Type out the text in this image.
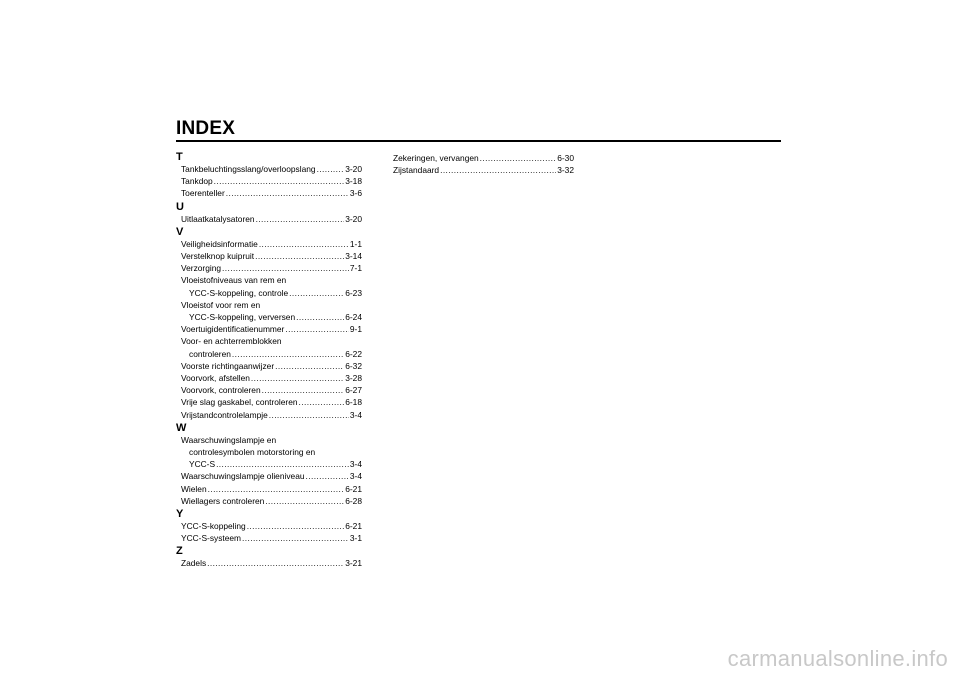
INDEX
T
Tankbeluchtingsslang/overloopslang .....	3-20
Tankdop .....	3-18
Toerenteller .....	3-6
U
Uitlaatkatalysatoren .....	3-20
V
Veiligheidsinformatie .....	1-1
Verstelknop kuipruit .....	3-14
Verzorging .....	7-1
Vloeistofniveaus van rem en
YCC-S-koppeling, controle .....	6-23
Vloeistof voor rem en
YCC-S-koppeling, verversen .....	6-24
Voertuigidentificatienummer .....	9-1
Voor- en achterremblokken
controleren .....	6-22
Voorste richtingaanwijzer .....	6-32
Voorvork, afstellen .....	3-28
Voorvork, controleren .....	6-27
Vrije slag gaskabel, controleren .....	6-18
Vrijstandcontrolelampje .....	3-4
W
Waarschuwingslampje en
controlesymbolen motorstoring en
YCC-S .....	3-4
Waarschuwingslampje olieniveau .....	3-4
Wielen .....	6-21
Wiellagers controleren .....	6-28
Y
YCC-S-koppeling .....	6-21
YCC-S-systeem .....	3-1
Z
Zadels .....	3-21
Zekeringen, vervangen .....	6-30
Zijstandaard .....	3-32
carmanualsonline.info
